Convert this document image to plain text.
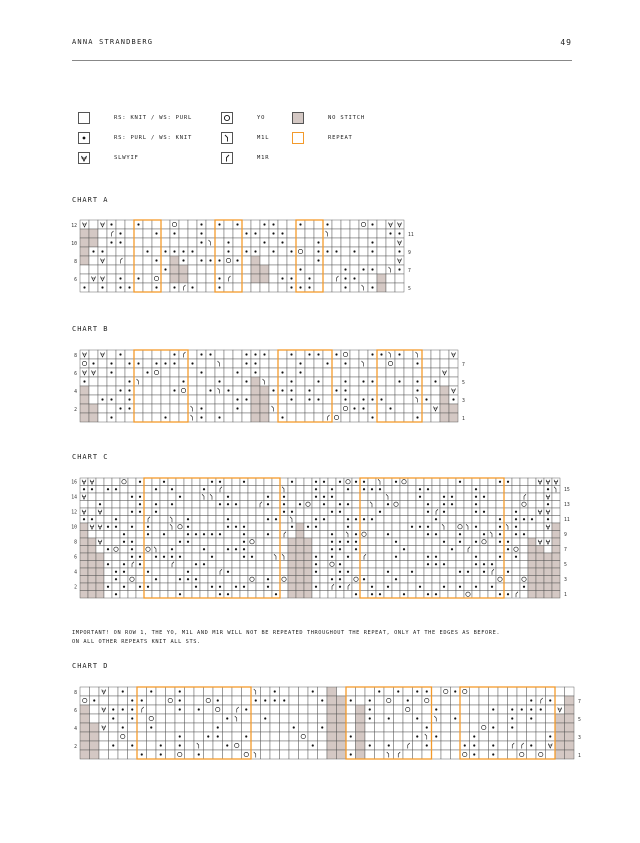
ANNA STRANDBERG	49
RS: KNIT / WS: PURL
RS: PURL / WS: KNIT
SLWYIF
YO
M1L
M1R
NO STITCH
REPEAT
CHART A
12
10
8
6
11
9
7
5
CHART B
8
6
4
2
7
5
3
1
CHART C
16
14
12
10
8
6
4
2
15
13
11
9
7
5
3
1
IMPORTANT! ON ROW 1, THE YO, M1L AND M1R WILL NOT BE REPEATED THROUGHOUT THE REPEAT, ONLY AT THE EDGES AS BEFORE.
ON ALL OTHER REPEATS KNIT ALL STS.
CHART D
8
6
4
2
7
5
3
1
